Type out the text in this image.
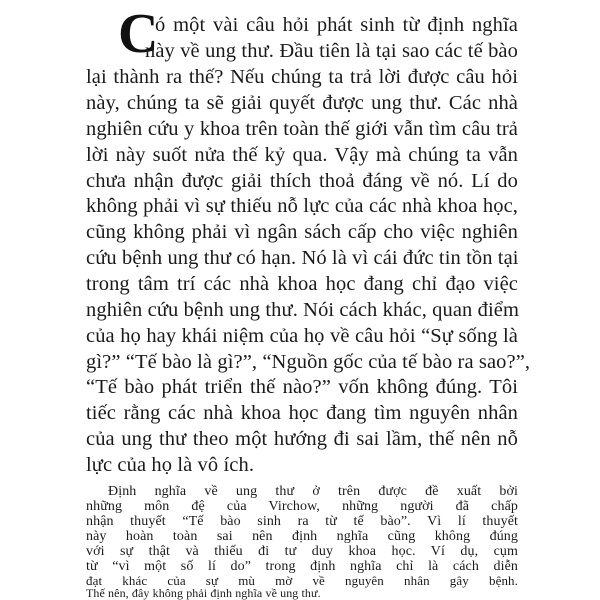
C
ó một vài câu hỏi phát sinh từ định nghĩa
này về ung thư. Đầu tiên là tại sao các tế bào
lại thành ra thế? Nếu chúng ta trả lời được câu hỏi
này, chúng ta sẽ giải quyết được ung thư. Các nhà
nghiên cứu y khoa trên toàn thế giới vẫn tìm câu trả
lời này suốt nửa thế kỷ qua. Vậy mà chúng ta vẫn
chưa nhận được giải thích thoả đáng về nó. Lí do
không phải vì sự thiếu nỗ lực của các nhà khoa học,
cũng không phải vì ngân sách cấp cho việc nghiên
cứu bệnh ung thư có hạn. Nó là vì cái đức tin tồn tại
trong tâm trí các nhà khoa học đang chỉ đạo việc
nghiên cứu bệnh ung thư. Nói cách khác, quan điểm
của họ hay khái niệm của họ về câu hỏi “Sự sống là
gì?” “Tế bào là gì?”, “Nguồn gốc của tế bào ra sao?”,
“Tế bào phát triển thế nào?” vốn không đúng. Tôi
tiếc rằng các nhà khoa học đang tìm nguyên nhân
của ung thư theo một hướng đi sai lầm, thế nên nỗ
lực của họ là vô ích.
Định nghĩa về ung thư ở trên được đề xuất bởi
những môn đệ của Virchow, những người đã chấp
nhận thuyết “Tế bào sinh ra từ tế bào”. Vì lí thuyết
này hoàn toàn sai nên định nghĩa cũng không đúng
với sự thật và thiếu đi tư duy khoa học. Ví dụ, cụm
từ “vì một số lí do” trong định nghĩa chỉ là cách diễn
đạt khác của sự mù mờ về nguyên nhân gây bệnh.
Thế nên, đây không phải định nghĩa về ung thư.
